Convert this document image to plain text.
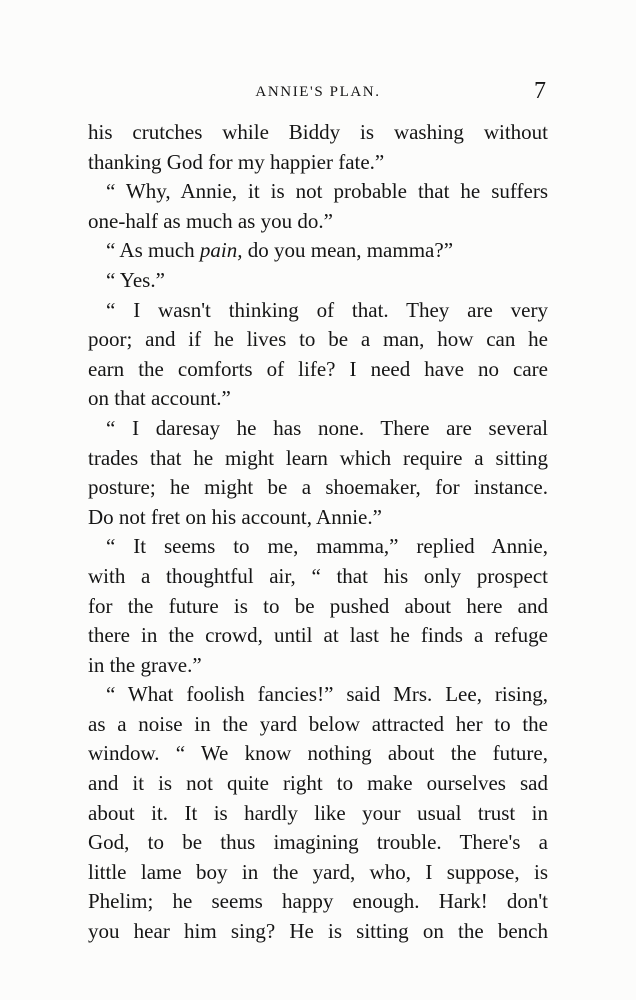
ANNIE'S PLAN.	7
his crutches while Biddy is washing without
thanking God for my happier fate.”
“ Why, Annie, it is not probable that he suffers
one-half as much as you do.”
“ As much pain, do you mean, mamma?”
“ Yes.”
“ I wasn't thinking of that. They are very
poor; and if he lives to be a man, how can he
earn the comforts of life? I need have no care
on that account.”
“ I daresay he has none. There are several
trades that he might learn which require a sitting
posture; he might be a shoemaker, for instance.
Do not fret on his account, Annie.”
“ It seems to me, mamma,” replied Annie,
with a thoughtful air, “ that his only prospect
for the future is to be pushed about here and
there in the crowd, until at last he finds a refuge
in the grave.”
“ What foolish fancies!” said Mrs. Lee, rising,
as a noise in the yard below attracted her to the
window. “ We know nothing about the future,
and it is not quite right to make ourselves sad
about it. It is hardly like your usual trust in
God, to be thus imagining trouble. There's a
little lame boy in the yard, who, I suppose, is
Phelim; he seems happy enough. Hark! don't
you hear him sing? He is sitting on the bench
